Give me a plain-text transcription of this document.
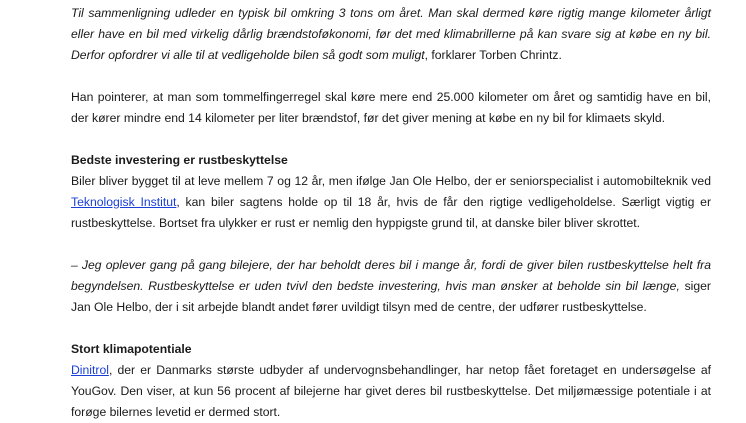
Til sammenligning udleder en typisk bil omkring 3 tons om året. Man skal dermed køre rigtig mange kilometer årligt eller have en bil med virkelig dårlig brændstoføkonomi, før det med klimabrillerne på kan svare sig at købe en ny bil. Derfor opfordrer vi alle til at vedligeholde bilen så godt som muligt, forklarer Torben Chrintz.

Han pointerer, at man som tommelfingerregel skal køre mere end 25.000 kilometer om året og samtidig have en bil, der kører mindre end 14 kilometer per liter brændstof, før det giver mening at købe en ny bil for klimaets skyld.

Bedste investering er rustbeskyttelse

Biler bliver bygget til at leve mellem 7 og 12 år, men ifølge Jan Ole Helbo, der er seniorspecialist i automobilteknik ved Teknologisk Institut, kan biler sagtens holde op til 18 år, hvis de får den rigtige vedligeholdelse. Særligt vigtig er rustbeskyttelse. Bortset fra ulykker er rust er nemlig den hyppigste grund til, at danske biler bliver skrottet.

– Jeg oplever gang på gang bilejere, der har beholdt deres bil i mange år, fordi de giver bilen rustbeskyttelse helt fra begyndelsen. Rustbeskyttelse er uden tvivl den bedste investering, hvis man ønsker at beholde sin bil længe, siger Jan Ole Helbo, der i sit arbejde blandt andet fører uvildigt tilsyn med de centre, der udfører rustbeskyttelse.

Stort klimapotentiale

Dinitrol, der er Danmarks største udbyder af undervognsbehandlinger, har netop fået foretaget en undersøgelse af YouGov. Den viser, at kun 56 procent af bilejerne har givet deres bil rustbeskyttelse. Det miljømæssige potentiale i at forøge bilernes levetid er dermed stort.
